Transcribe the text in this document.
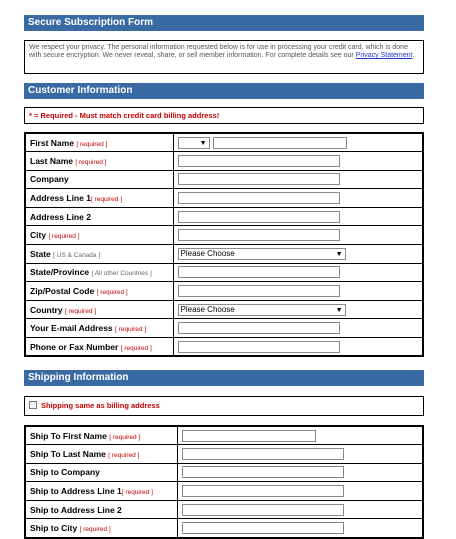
Secure Subscription Form
We respect your privacy. The personal information requested below is for use in processing your credit card, which is done with secure encryption. We never reveal, share, or sell member information. For complete details see our Privacy Statement.
Customer Information
* = Required - Must match credit card billing address!
First Name [ required ]	▼

Last Name [ required ]	
Company	
Address Line 1[ required ]	
Address Line 2	
City [ required ]	
State [ US & Canada ]	Please Choose ▼

State/Province [ All other Countries ]	
Zip/Postal Code [ required ]	
Country [ required ]	Please Choose ▼

Your E-mail Address [ required ]	
Phone or Fax Number [ required ]	
Shipping Information
Shipping same as billing address
Ship To First Name [ required ]	
Ship To Last Name [ required ]	
Ship to Company	
Ship to Address Line 1[ required ]	
Ship to Address Line 2	
Ship to City [ required ]	
